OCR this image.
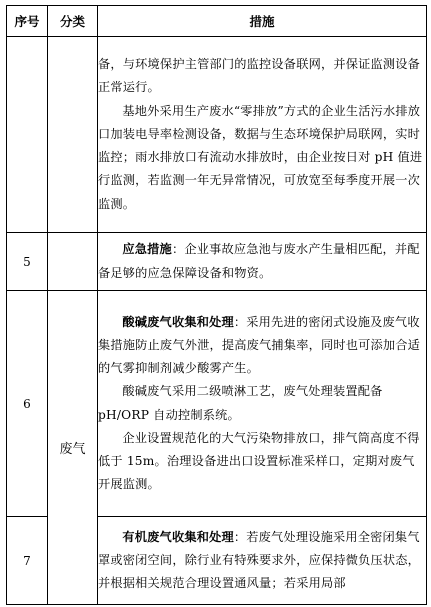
序号	分类	措施

		备，与环境保护主管部门的监控设备联网，并保证监测设备正常运行。

基地外采用生产废水“零排放”方式的企业生活污水排放口加装电导率检测设备，数据与生态环境保护局联网，实时监控；雨水排放口有流动水排放时，由企业按日对 pH 值进行监测，若监测一年无异常情况，可放宽至每季度开展一次监测。

5		应急措施：企业事故应急池与废水产生量相匹配，并配备足够的应急保障设备和物资。

6	废气	酸碱废气收集和处理：采用先进的密闭式设施及废气收集措施防止废气外泄，提高废气捕集率，同时也可添加合适的气雾抑制剂减少酸雾产生。

酸碱废气采用二级喷淋工艺，废气处理装置配备 pH/ORP 自动控制系统。

企业设置规范化的大气污染物排放口，排气筒高度不得低于 15m。治理设备进出口设置标准采样口，定期对废气开展监测。

7		有机废气收集和处理：若废气处理设施采用全密闭集气罩或密闭空间，除行业有特殊要求外，应保持微负压状态，并根据相关规范合理设置通风量；若采用局部
